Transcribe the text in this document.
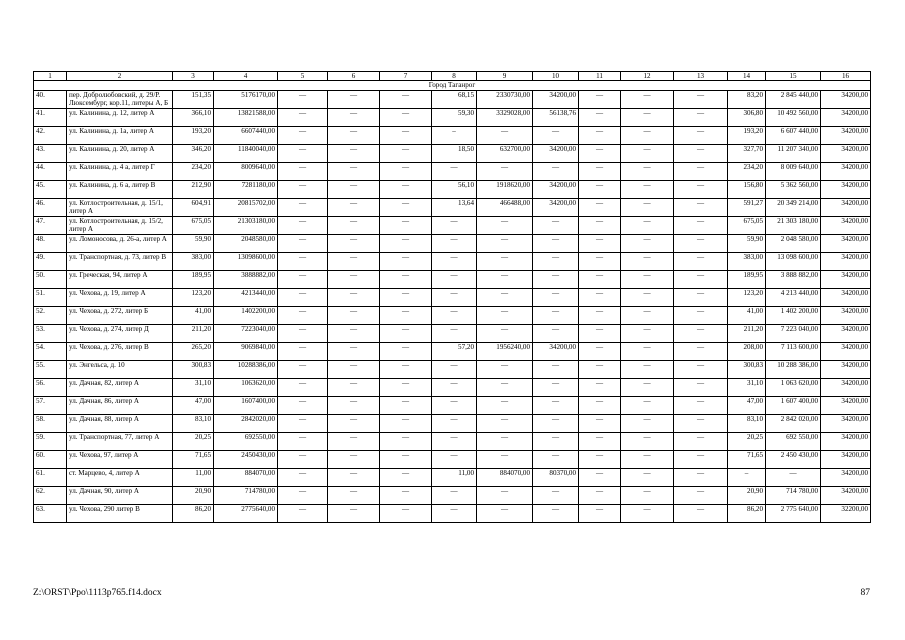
1	2	3	4	5	6	7	8	9	10	11	12	13	14	15	16
Город Таганрог															
40.	пер. Добролюбовский, д. 29/Р. Люксембург, кор.11, литеры А, Б	151,35	5176170,00	—	—	—	68,15	2330730,00	34200,00	—	—	—	83,20	2 845 440,00	34200,00
41.	ул. Калинина, д. 12, литер А	366,10	13821588,00	—	—	—	59,30	3329028,00	56138,76	—	—	—	306,80	10 492 560,00	34200,00
42.	ул. Калинина, д. 1а, литер А	193,20	6607440,00	—	—	—	–	—	—	—	—	—	193,20	6 607 440,00	34200,00
43.	ул. Калинина, д. 20, литер А	346,20	11840040,00	—	—	—	18,50	632700,00	34200,00	—	—	—	327,70	11 207 340,00	34200,00
44.	ул. Калинина, д. 4 а, литер Г	234,20	8009640,00	—	—	—	—	—	—	—	—	—	234,20	8 009 640,00	34200,00
45.	ул. Калинина, д. 6 а, литер В	212,90	7281180,00	—	—	—	56,10	1918620,00	34200,00	—	—	—	156,80	5 362 560,00	34200,00
46.	ул. Котлостроительная, д. 15/1, литер А	604,91	20815702,00	—	—	—	13,64	466488,00	34200,00	—	—	—	591,27	20 349 214,00	34200,00
47.	ул. Котлостроительная, д. 15/2, литер А	675,05	21303180,00	—	—	—	—	—	—	—	—	—	675,05	21 303 180,00	34200,00
48.	ул. Ломоносова, д. 26-а, литер А	59,90	2048580,00	—	—	—	—	—	—	—	—	—	59,90	2 048 580,00	34200,00
49.	ул. Транспортная, д. 73, литер В	383,00	13098600,00	—	—	—	—	—	—	—	—	—	383,00	13 098 600,00	34200,00
50.	ул. Греческая, 94, литер А	189,95	3888882,00	—	—	—	—	—	—	—	—	—	189,95	3 888 882,00	34200,00
51.	ул. Чехова, д. 19, литер А	123,20	4213440,00	—	—	—	—	—	—	—	—	—	123,20	4 213 440,00	34200,00
52.	ул. Чехова, д. 272, литер Б	41,00	1402200,00	—	—	—	—	—	—	—	—	—	41,00	1 402 200,00	34200,00
53.	ул. Чехова, д. 274, литер Д	211,20	7223040,00	—	—	—	—	—	—	—	—	—	211,20	7 223 040,00	34200,00
54.	ул. Чехова, д. 276, литер В	265,20	9069840,00	—	—	—	57,20	1956240,00	34200,00	—	—	—	208,00	7 113 600,00	34200,00
55.	ул. Энгельса, д. 10	300,83	10288386,00	—	—	—	—	—	—	—	—	—	300,83	10 288 386,00	34200,00
56.	ул. Дачная, 82, литер А	31,10	1063620,00	—	—	—	—	—	—	—	—	—	31,10	1 063 620,00	34200,00
57.	ул. Дачная, 86, литер А	47,00	1607400,00	—	—	—	—	—	—	—	—	—	47,00	1 607 400,00	34200,00
58.	ул. Дачная, 88, литер А	83,10	2842020,00	—	—	—	—	—	—	—	—	—	83,10	2 842 020,00	34200,00
59.	ул. Транспортная, 77, литер А	20,25	692550,00	—	—	—	—	—	—	—	—	—	20,25	692 550,00	34200,00
60.	ул. Чехова, 97, литер А	71,65	2450430,00	—	—	—	—	—	—	—	—	—	71,65	2 450 430,00	34200,00
61.	ст. Марцево, 4, литер А	11,00	884070,00	—	—	—	11,00	884070,00	80370,00	—	—	—	–	—	34200,00
62.	ул. Дачная, 90, литер А	20,90	714780,00	—	—	—	—	—	—	—	—	—	20,90	714 780,00	34200,00
63.	ул. Чехова, 290 литер В	86,20	2775640,00	—	—	—	—	—	—	—	—	—	86,20	2 775 640,00	32200,00
Z:\ORST\Ppo\1113p765.f14.docx	87
